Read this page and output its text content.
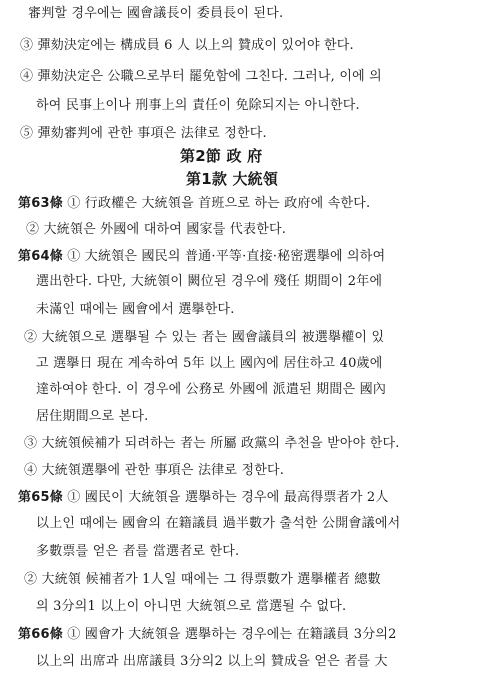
審判할 경우에는 國會議長이 委員長이 된다.
③ 彈劾決定에는 構成員 6 人 以上의 贊成이 있어야 한다.
④ 彈劾決定은 公職으로부터 罷免함에 그친다. 그러나, 이에 의
하여 民事上이나 刑事上의 責任이 免除되지는 아니한다.
⑤ 彈劾審判에 관한 事項은 法律로 정한다.
第2節 政 府
第1款 大統領
第63條 ① 行政權은 大統領을 首班으로 하는 政府에 속한다.
② 大統領은 外國에 대하여 國家를 代表한다.
第64條 ① 大統領은 國民의 普通·平等·直接·秘密選擧에 의하여
選出한다. 다만, 大統領이 闕位된 경우에 殘任 期間이 2年에
未滿인 때에는 國會에서 選擧한다.
② 大統領으로 選擧될 수 있는 者는 國會議員의 被選擧權이 있
고 選擧日 現在 계속하여 5年 以上 國內에 居住하고 40歲에
達하여야 한다. 이 경우에 公務로 外國에 派遣된 期間은 國內
居住期間으로 본다.
③ 大統領候補가 되려하는 者는 所屬 政黨의 추천을 받아야 한다.
④ 大統領選擧에 관한 事項은 法律로 정한다.
第65條 ① 國民이 大統領을 選擧하는 경우에 最高得票者가 2人
以上인 때에는 國會의 在籍議員 過半數가 출석한 公開會議에서
多數票를 얻은 者를 當選者로 한다.
② 大統領 候補者가 1人일 때에는 그 得票數가 選擧權者 總數
의 3分의1 以上이 아니면 大統領으로 當選될 수 없다.
第66條 ① 國會가 大統領을 選擧하는 경우에는 在籍議員 3分의2
以上의 出席과 出席議員 3分의2 以上의 贊成을 얻은 者를 大
